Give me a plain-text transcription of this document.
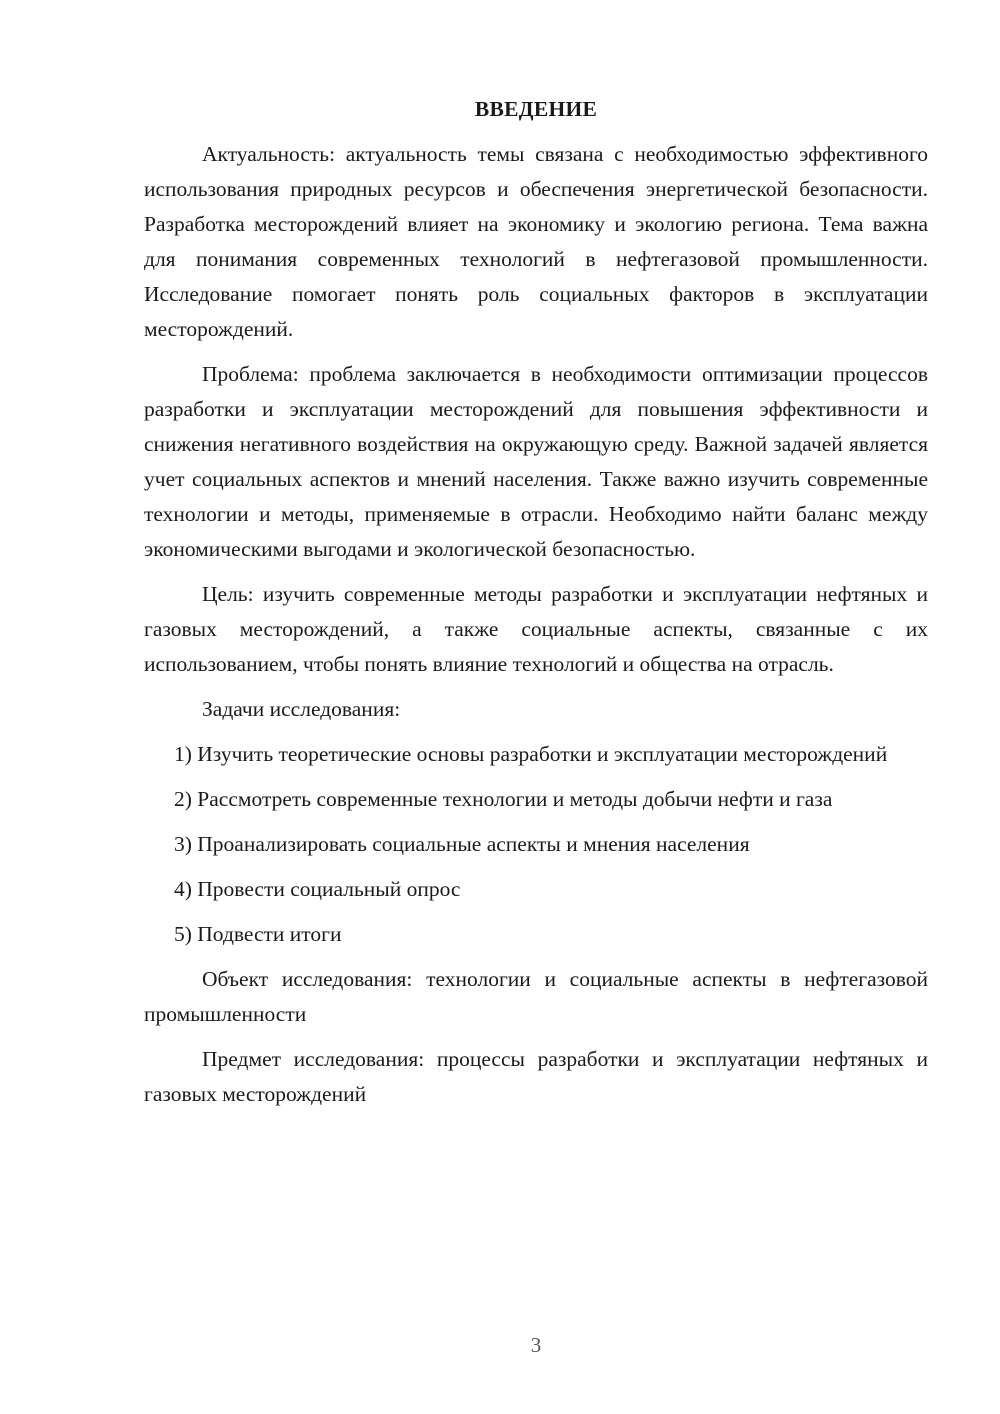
ВВЕДЕНИЕ

Актуальность: актуальность темы связана с необходимостью эффективного использования природных ресурсов и обеспечения энергетической безопасности. Разработка месторождений влияет на экономику и экологию региона. Тема важна для понимания современных технологий в нефтегазовой промышленности. Исследование помогает понять роль социальных факторов в эксплуатации месторождений.

Проблема: проблема заключается в необходимости оптимизации процессов разработки и эксплуатации месторождений для повышения эффективности и снижения негативного воздействия на окружающую среду. Важной задачей является учет социальных аспектов и мнений населения. Также важно изучить современные технологии и методы, применяемые в отрасли. Необходимо найти баланс между экономическими выгодами и экологической безопасностью.

Цель: изучить современные методы разработки и эксплуатации нефтяных и газовых месторождений, а также социальные аспекты, связанные с их использованием, чтобы понять влияние технологий и общества на отрасль.

Задачи исследования:

1) Изучить теоретические основы разработки и эксплуатации месторождений

2) Рассмотреть современные технологии и методы добычи нефти и газа

3) Проанализировать социальные аспекты и мнения населения

4) Провести социальный опрос

5) Подвести итоги

Объект исследования: технологии и социальные аспекты в нефтегазовой промышленности

Предмет исследования: процессы разработки и эксплуатации нефтяных и газовых месторождений

3
